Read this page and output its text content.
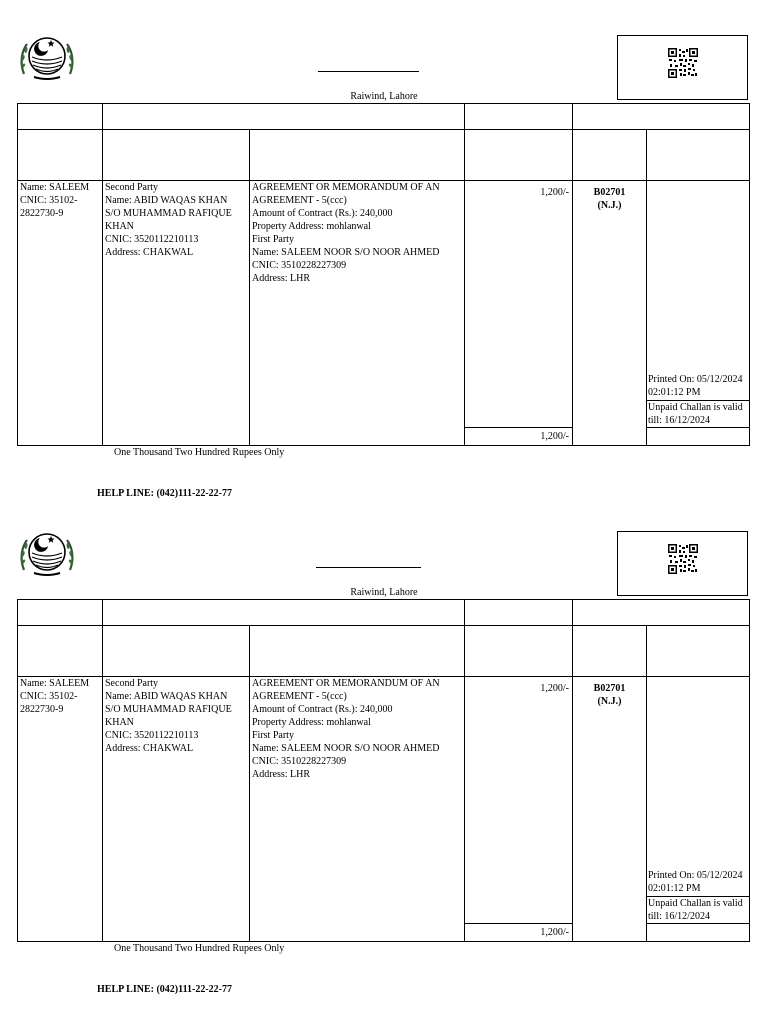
Raiwind, Lahore
Name: SALEEM
CNIC: 35102-
2822730-9
Second Party
Name: ABID WAQAS KHAN
S/O MUHAMMAD RAFIQUE
KHAN
CNIC: 3520112210113
Address: CHAKWAL
AGREEMENT OR MEMORANDUM OF AN
AGREEMENT - 5(ccc)
Amount of Contract (Rs.): 240,000
Property Address: mohlanwal
First Party
Name: SALEEM NOOR S/O NOOR AHMED
CNIC: 3510228227309
Address: LHR
1,200/-
1,200/-
B02701
(N.J.)
Printed On: 05/12/2024
02:01:12 PM
Unpaid Challan is valid
till: 16/12/2024
One Thousand Two Hundred Rupees Only
HELP LINE: (042)111-22-22-77
Raiwind, Lahore
Name: SALEEM
CNIC: 35102-
2822730-9
Second Party
Name: ABID WAQAS KHAN
S/O MUHAMMAD RAFIQUE
KHAN
CNIC: 3520112210113
Address: CHAKWAL
AGREEMENT OR MEMORANDUM OF AN
AGREEMENT - 5(ccc)
Amount of Contract (Rs.): 240,000
Property Address: mohlanwal
First Party
Name: SALEEM NOOR S/O NOOR AHMED
CNIC: 3510228227309
Address: LHR
1,200/-
1,200/-
B02701
(N.J.)
Printed On: 05/12/2024
02:01:12 PM
Unpaid Challan is valid
till: 16/12/2024
One Thousand Two Hundred Rupees Only
HELP LINE: (042)111-22-22-77
